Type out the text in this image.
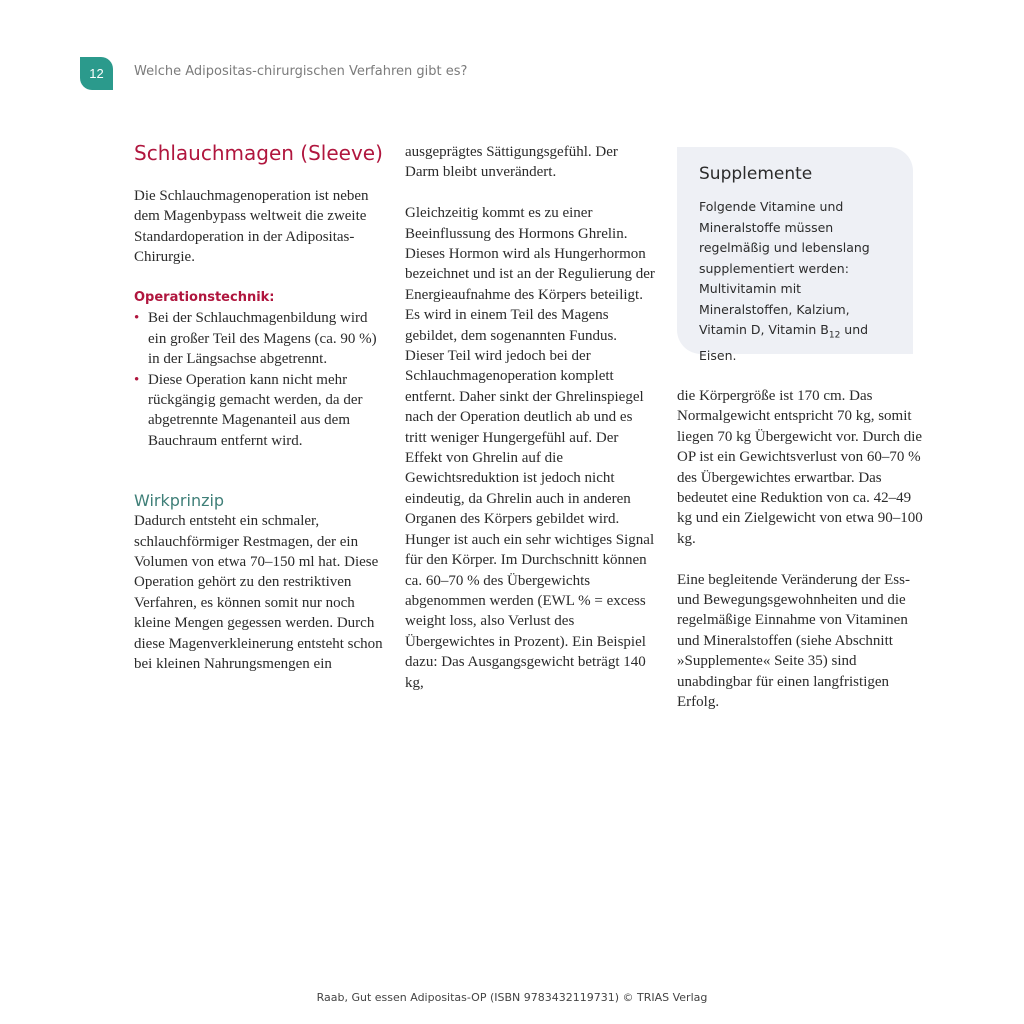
12 Welche Adipositas-chirurgischen Verfahren gibt es?
Schlauchmagen (Sleeve)

Die Schlauchmagenoperation ist neben dem Magenbypass weltweit die zweite Standardoperation in der Adipositas-Chirurgie.

Operationstechnik:

• Bei der Schlauchmagenbildung wird ein großer Teil des Magens (ca. 90 %) in der Längsachse abgetrennt.
• Diese Operation kann nicht mehr rückgängig gemacht werden, da der abgetrennte Magenanteil aus dem Bauchraum entfernt wird.

Wirkprinzip

Dadurch entsteht ein schmaler, schlauchförmiger Restmagen, der ein Volumen von etwa 70–150 ml hat. Diese Operation gehört zu den restriktiven Verfahren, es können somit nur noch kleine Mengen gegessen werden. Durch diese Magenverkleinerung entsteht schon bei kleinen Nahrungsmengen ein

ausgeprägtes Sättigungsgefühl. Der Darm bleibt unverändert.

Gleichzeitig kommt es zu einer Beeinflussung des Hormons Ghrelin. Dieses Hormon wird als Hungerhormon bezeichnet und ist an der Regulierung der Energieaufnahme des Körpers beteiligt. Es wird in einem Teil des Magens gebildet, dem sogenannten Fundus. Dieser Teil wird jedoch bei der Schlauchmagenoperation komplett entfernt. Daher sinkt der Ghrelinspiegel nach der Operation deutlich ab und es tritt weniger Hungergefühl auf. Der Effekt von Ghrelin auf die Gewichtsreduktion ist jedoch nicht eindeutig, da Ghrelin auch in anderen Organen des Körpers gebildet wird. Hunger ist auch ein sehr wichtiges Signal für den Körper. Im Durchschnitt können ca. 60–70 % des Übergewichts abgenommen werden (EWL % = excess weight loss, also Verlust des Übergewichtes in Prozent). Ein Beispiel dazu: Das Ausgangsgewicht beträgt 140 kg,

Supplemente

Folgende Vitamine und Mineralstoffe müssen regelmäßig und lebenslang supplementiert werden: Multivitamin mit Mineralstoffen, Kalzium, Vitamin D, Vitamin $B_{12}$ und Eisen.

die Körpergröße ist 170 cm. Das Normalgewicht entspricht 70 kg, somit liegen 70 kg Übergewicht vor. Durch die OP ist ein Gewichtsverlust von 60–70 % des Übergewichtes erwartbar. Das bedeutet eine Reduktion von ca. 42–49 kg und ein Zielgewicht von etwa 90–100 kg.

Eine begleitende Veränderung der Ess- und Bewegungsgewohnheiten und die regelmäßige Einnahme von Vitaminen und Mineralstoffen (siehe Abschnitt »Supplemente« Seite 35) sind unabdingbar für einen langfristigen Erfolg.

Raab, Gut essen Adipositas-OP (ISBN 9783432119731) © TRIAS Verlag
